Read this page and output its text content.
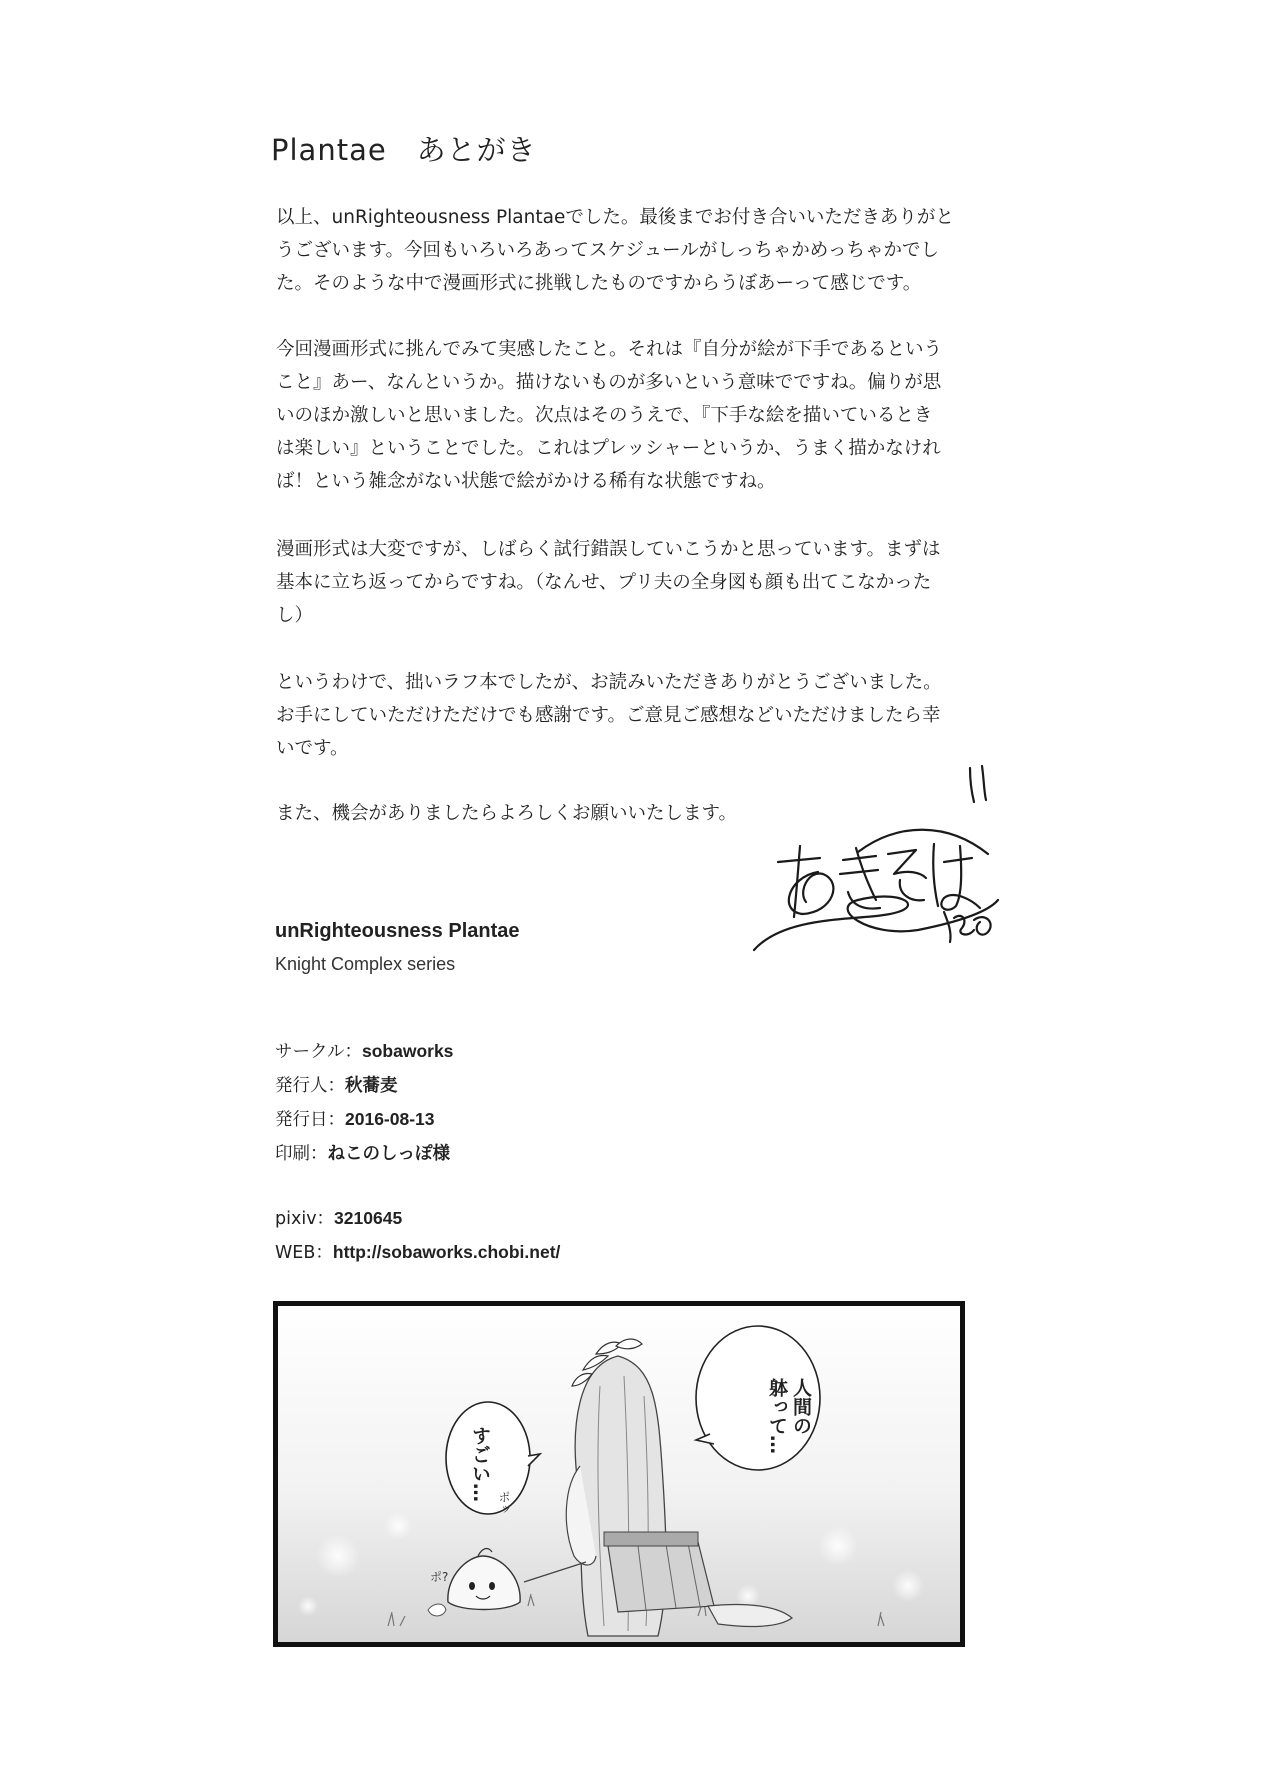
Plantae　あとがき

以上、unRighteousness Plantaeでした。最後までお付き合いいただきありがと
うございます。今回もいろいろあってスケジュールがしっちゃかめっちゃかでし
た。そのような中で漫画形式に挑戦したものですからうぼあーって感じです。

今回漫画形式に挑んでみて実感したこと。それは『自分が絵が下手であるという
こと』あー、なんというか。描けないものが多いという意味でですね。偏りが思
いのほか激しいと思いました。次点はそのうえで、『下手な絵を描いているとき
は楽しい』ということでした。これはプレッシャーというか、うまく描かなけれ
ば！という雑念がない状態で絵がかける稀有な状態ですね。

漫画形式は大変ですが、しばらく試行錯誤していこうかと思っています。まずは
基本に立ち返ってからですね。（なんせ、プリ夫の全身図も顔も出てこなかった
し）

というわけで、拙いラフ本でしたが、お読みいただきありがとうございました。
お手にしていただけただけでも感謝です。ご意見ご感想などいただけましたら幸
いです。

また、機会がありましたらよろしくお願いいたします。

unRighteousness Plantae
Knight Complex series
サークル：sobaworks
発行人：秋蕎麦
発行日：2016-08-13
印刷：ねこのしっぽ様
pixiv：3210645
WEB：http://sobaworks.chobi.net/
人間の
躰って…
すごい…
ポッ
ポ?
